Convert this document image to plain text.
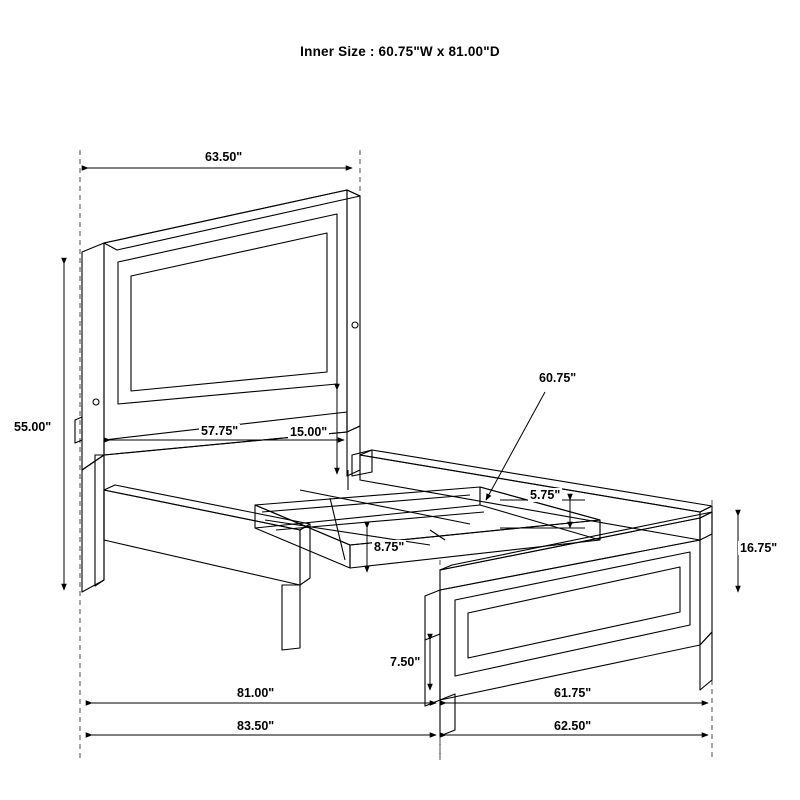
Inner Size : 60.75"W x 81.00"D
63.50"
55.00"	57.75"	15.00"
60.75"
5.75"
8.75"	16.75"
7.50"
81.00"	61.75"
83.50"	62.50"
